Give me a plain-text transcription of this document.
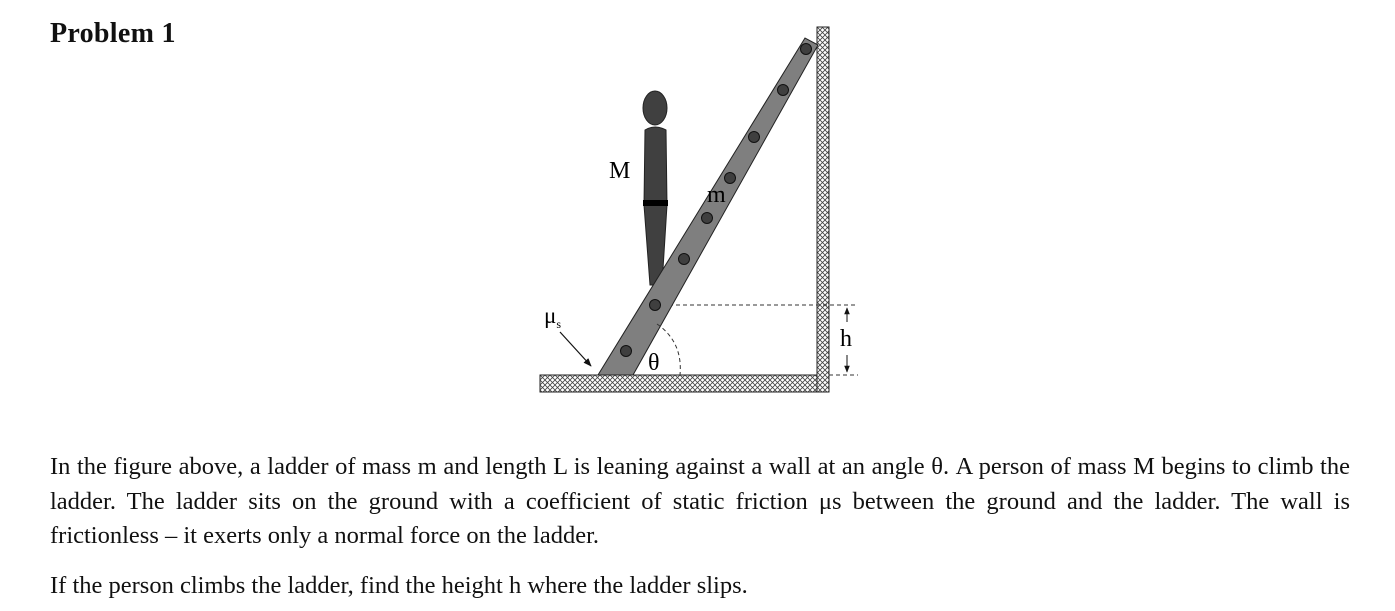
Problem 1
M
m
$\mu_s$
θ
h

In the figure above, a ladder of mass m and length L is leaning against a wall at an angle θ. A person of mass M begins to climb the ladder. The ladder sits on the ground with a coefficient of static friction μs between the ground and the ladder. The wall is frictionless – it exerts only a normal force on the ladder.

If the person climbs the ladder, find the height h where the ladder slips.
